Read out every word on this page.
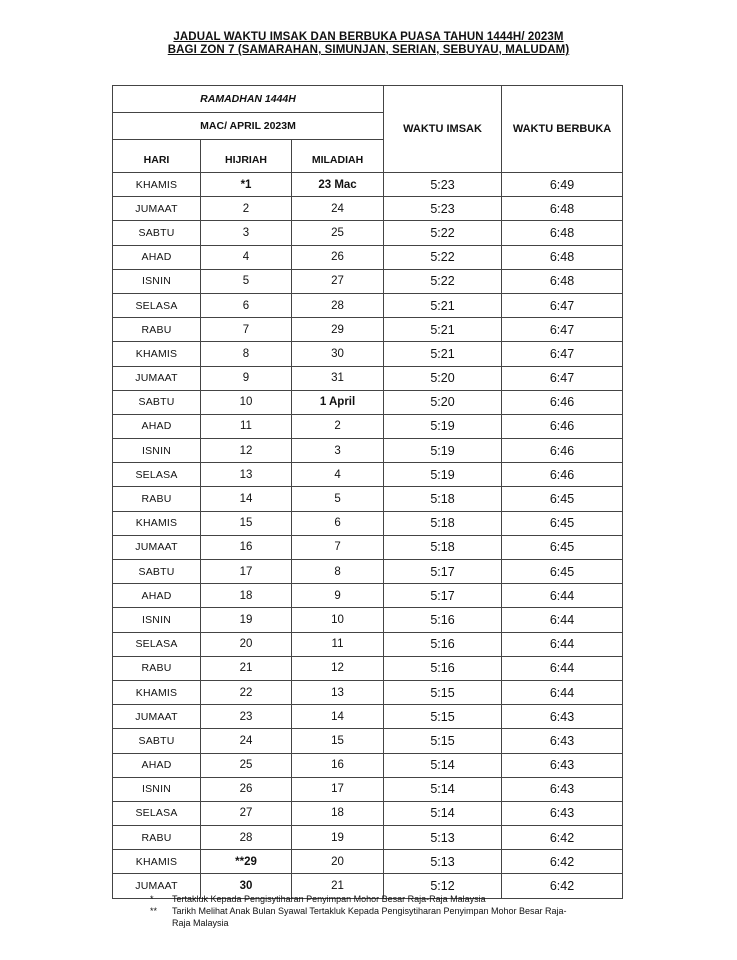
JADUAL WAKTU IMSAK DAN BERBUKA PUASA TAHUN 1444H/ 2023M
BAGI ZON 7 (SAMARAHAN, SIMUNJAN, SERIAN, SEBUYAU, MALUDAM)
RAMADHAN 1444H			WAKTU IMSAK	WAKTU BERBUKA
MAC/ APRIL 2023M				
HARI	HIJRIAH	MILADIAH		
KHAMIS	*1	23 Mac	5:23	6:49
JUMAAT	2	24	5:23	6:48
SABTU	3	25	5:22	6:48
AHAD	4	26	5:22	6:48
ISNIN	5	27	5:22	6:48
SELASA	6	28	5:21	6:47
RABU	7	29	5:21	6:47
KHAMIS	8	30	5:21	6:47
JUMAAT	9	31	5:20	6:47
SABTU	10	1 April	5:20	6:46
AHAD	11	2	5:19	6:46
ISNIN	12	3	5:19	6:46
SELASA	13	4	5:19	6:46
RABU	14	5	5:18	6:45
KHAMIS	15	6	5:18	6:45
JUMAAT	16	7	5:18	6:45
SABTU	17	8	5:17	6:45
AHAD	18	9	5:17	6:44
ISNIN	19	10	5:16	6:44
SELASA	20	11	5:16	6:44
RABU	21	12	5:16	6:44
KHAMIS	22	13	5:15	6:44
JUMAAT	23	14	5:15	6:43
SABTU	24	15	5:15	6:43
AHAD	25	16	5:14	6:43
ISNIN	26	17	5:14	6:43
SELASA	27	18	5:14	6:43
RABU	28	19	5:13	6:42
KHAMIS	**29	20	5:13	6:42
JUMAAT	30	21	5:12	6:42
*	Tertakluk Kepada Pengisytiharan Penyimpan Mohor Besar Raja-Raja Malaysia
**	Tarikh Melihat Anak Bulan Syawal Tertakluk Kepada Pengisytiharan Penyimpan Mohor Besar Raja-Raja Malaysia
